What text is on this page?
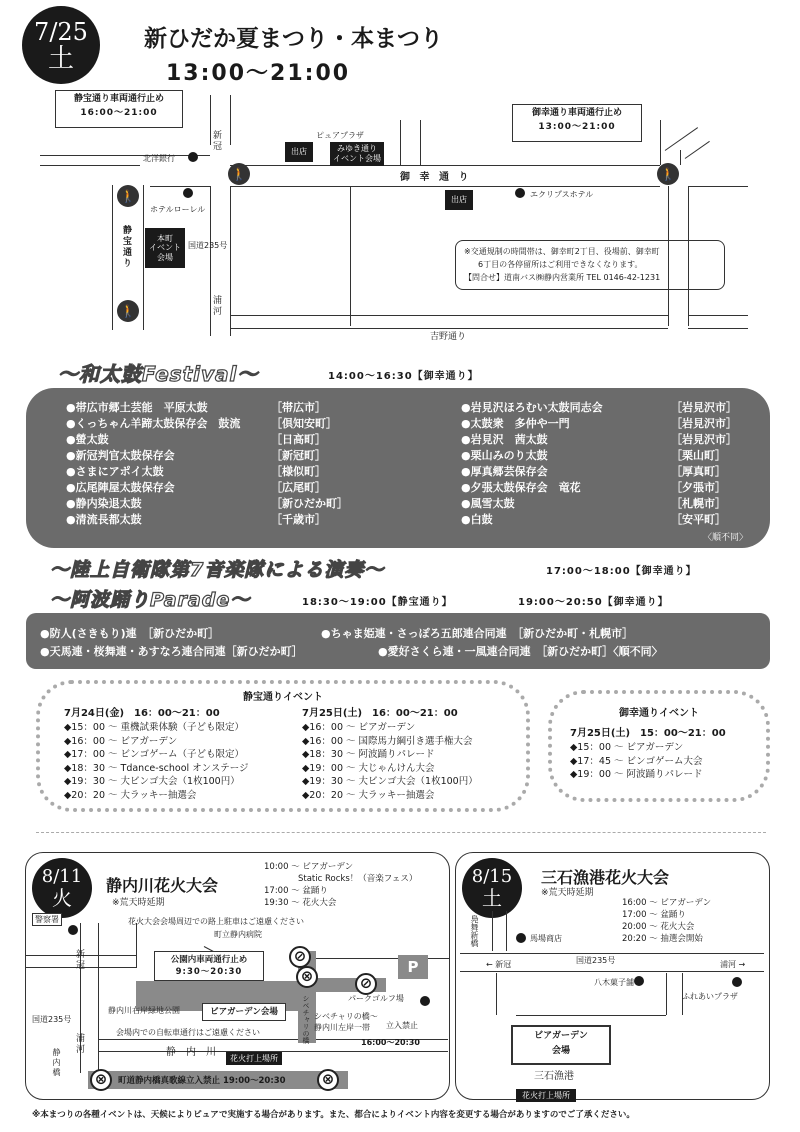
7/25
土
新ひだか夏まつり・本まつり
13:00～21:00
静宝通り車両通行止め
16:00～21:00	御幸通り車両通行止め
13:00～21:00
新冠
北洋銀行
ピュアプラザ
出店	みゆき通り
イベント会場
御 幸 通 り
🚶	🚶
🚶
🚶
エクリプスホテル
出店
ホテルローレル
静宝通り	本町
イベント
会場
国道235号
浦河
吉野通り
※交通規制の時間帯は、御幸町2丁目、役場前、御幸町
6丁目の各停留所はご利用できなくなります。
【問合せ】道南バス㈱静内営業所 TEL 0146-42-1231
～和太鼓Festival～	14:00～16:30【御幸通り】
●帯広市郷土芸能　平原太鼓	［帯広市］
●くっちゃん羊蹄太鼓保存会　鼓流	［倶知安町］
●螢太鼓	［日高町］
●新冠判官太鼓保存会	［新冠町］
●さまにアポイ太鼓	［様似町］
●広尾陣屋太鼓保存会	［広尾町］
●静内染退太鼓	［新ひだか町］
●清流長都太鼓	［千歳市］
●岩見沢ほろむい太鼓同志会	［岩見沢市］
●太鼓衆　多仲や一門	［岩見沢市］
●岩見沢　茜太鼓	［岩見沢市］
●栗山みのり太鼓	［栗山町］
●厚真郷芸保存会	［厚真町］
●夕張太鼓保存会　竜花	［夕張市］
●風雪太鼓	［札幌市］
●白鼓	［安平町］
〈順不同〉
～陸上自衛隊第7音楽隊による演奏～	17:00～18:00【御幸通り】
～阿波踊りParade～	18:30～19:00【静宝通り】	19:00～20:50【御幸通り】
●防人(さきもり)連　［新ひだか町］	●ちゃま姫連・さっぽろ五郎連合同連　［新ひだか町・札幌市］
●天馬連・桜舞連・あすなろ連合同連［新ひだか町］	●愛好さくら連・一風連合同連　［新ひだか町］〈順不同〉
静宝通りイベント
7月24日(金)　16：00～21：00
◆15：00 ～ 重機試乗体験（子ども限定）
◆16：00 ～ ビアガーデン
◆17：00 ～ ビンゴゲーム（子ども限定）
◆18：30 ～ Tdance-school オンステージ
◆19：30 ～ 大ビンゴ大会（1枚100円）
◆20：20 ～ 大ラッキー抽選会
7月25日(土)　16：00～21：00
◆16：00 ～ ビアガーデン
◆16：00 ～ 国際馬力綱引き選手権大会
◆18：30 ～ 阿波踊りパレード
◆19：00 ～ 大じゃんけん大会
◆19：30 ～ 大ビンゴ大会（1枚100円）
◆20：20 ～ 大ラッキー抽選会
御幸通りイベント
7月25日(土)　15：00～21：00
◆15：00 ～ ビアガーデン
◆17：45 ～ ビンゴゲーム大会
◆19：00 ～ 阿波踊りパレード
8/11
火
静内川花火大会
※荒天時延期
10:00 ～ ビアガーデン
　　　　Static Rocks！（音楽フェス）
17:00 ～ 盆踊り
19:30 ～ 花火大会
警察署	花火大会会場周辺での路上駐車はご遠慮ください
町立静内病院
新冠	公園内車両通行止め
9:30～20:30
⊘
⊗	⊘
P
ビアガーデン会場	シベチャリの橋	パークゴルフ場
立入禁止
シベチャリの橋〜
静内川左岸一帯
16:00～20:30
静内川右岸緑地公園
国道235号
会場内での自転車通行はご遠慮ください
静　内　川
花火打上場所
浦河
静内橋
⊗	⊗
町道静内橋真歌線立入禁止 19:00～20:30
8/15
土
三石漁港花火大会
※荒天時延期
16:00 ～ ビアガーデン
17:00 ～ 盆踊り
20:00 ～ 花火大会
20:20 ～ 抽選会開始
鳧舞新橋	馬場商店
国道235号
← 新冠	浦河 →
八木菓子舗
ふれあいプラザ
ビアガーデン
会場
三石漁港
花火打上場所
※本まつりの各種イベントは、天候によりピュアで実施する場合があります。また、都合によりイベント内容を変更する場合がありますのでご了承ください。
